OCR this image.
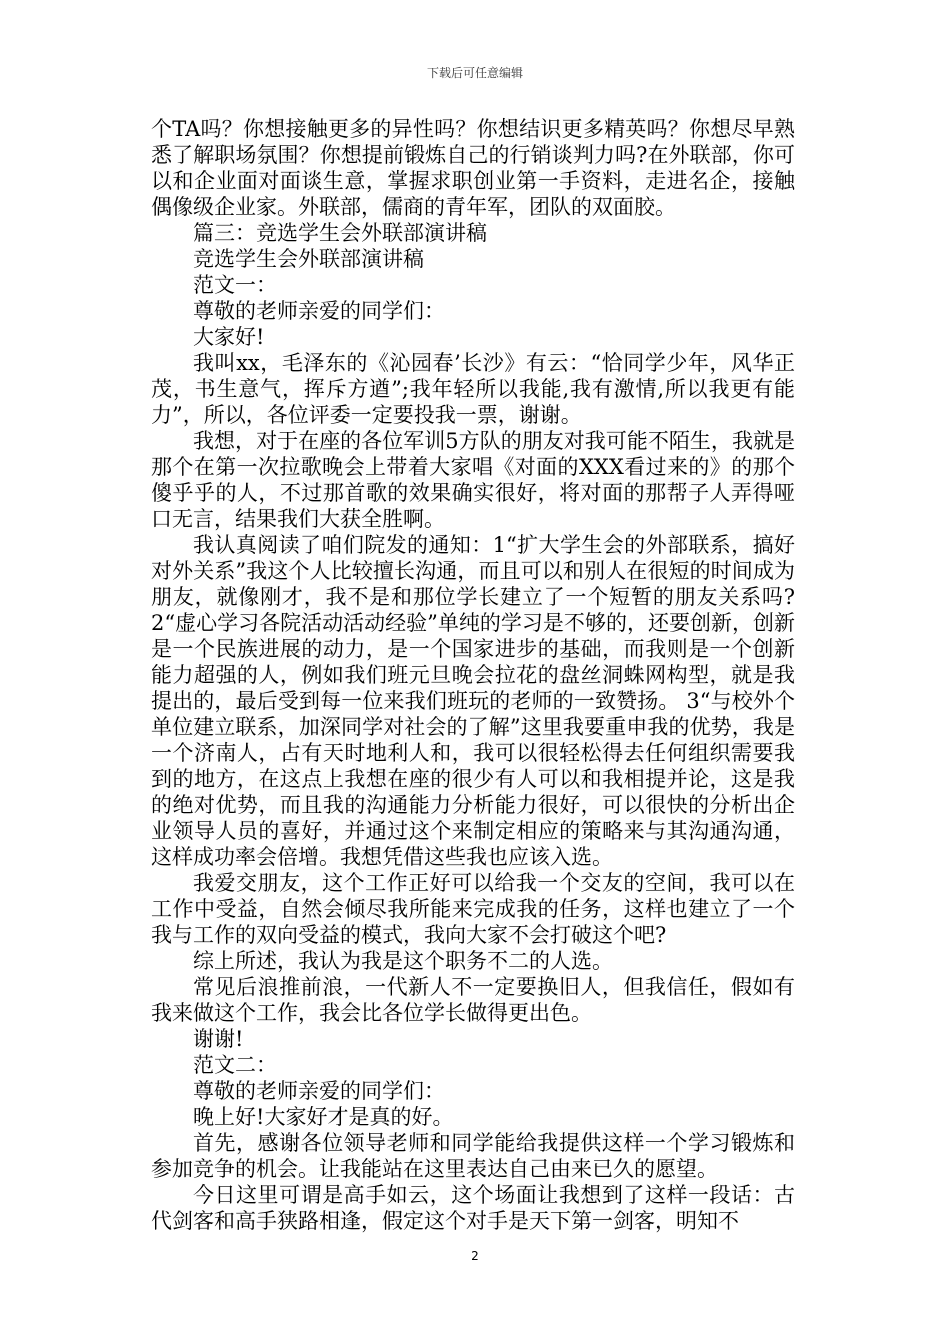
下载后可任意编辑

个TA吗？你想接触更多的异性吗？你想结识更多精英吗？你想尽早熟悉了解职场氛围？你想提前锻炼自己的行销谈判力吗?在外联部，你可以和企业面对面谈生意，掌握求职创业第一手资料，走进名企，接触偶像级企业家。外联部，儒商的青年军，团队的双面胶。

篇三：竞选学生会外联部演讲稿

竞选学生会外联部演讲稿

范文一：

尊敬的老师亲爱的同学们：

大家好!

我叫xx，毛泽东的《沁园春’长沙》有云：“恰同学少年，风华正茂，书生意气，挥斥方遒”;我年轻所以我能,我有激情,所以我更有能力”，所以，各位评委一定要投我一票，谢谢。

我想，对于在座的各位军训5方队的朋友对我可能不陌生，我就是那个在第一次拉歌晚会上带着大家唱《对面的XXX看过来的》的那个傻乎乎的人，不过那首歌的效果确实很好，将对面的那帮子人弄得哑口无言，结果我们大获全胜啊。

我认真阅读了咱们院发的通知：1“扩大学生会的外部联系，搞好对外关系”我这个人比较擅长沟通，而且可以和别人在很短的时间成为朋友，就像刚才，我不是和那位学长建立了一个短暂的朋友关系吗? 2“虚心学习各院活动活动经验”单纯的学习是不够的，还要创新，创新是一个民族进展的动力，是一个国家进步的基础，而我则是一个创新能力超强的人，例如我们班元旦晚会拉花的盘丝洞蛛网构型，就是我提出的，最后受到每一位来我们班玩的老师的一致赞扬。 3“与校外个单位建立联系，加深同学对社会的了解”这里我要重申我的优势，我是一个济南人，占有天时地利人和，我可以很轻松得去任何组织需要我到的地方，在这点上我想在座的很少有人可以和我相提并论，这是我的绝对优势，而且我的沟通能力分析能力很好，可以很快的分析出企业领导人员的喜好，并通过这个来制定相应的策略来与其沟通沟通，这样成功率会倍增。我想凭借这些我也应该入选。

我爱交朋友，这个工作正好可以给我一个交友的空间，我可以在工作中受益，自然会倾尽我所能来完成我的任务，这样也建立了一个我与工作的双向受益的模式，我向大家不会打破这个吧?

综上所述，我认为我是这个职务不二的人选。

常见后浪推前浪，一代新人不一定要换旧人，但我信任，假如有我来做这个工作，我会比各位学长做得更出色。

谢谢!

范文二：

尊敬的老师亲爱的同学们：

晚上好!大家好才是真的好。

首先，感谢各位领导老师和同学能给我提供这样一个学习锻炼和参加竞争的机会。让我能站在这里表达自己由来已久的愿望。

今日这里可谓是高手如云，这个场面让我想到了这样一段话：古代剑客和高手狭路相逢，假定这个对手是天下第一剑客，明知不

2
